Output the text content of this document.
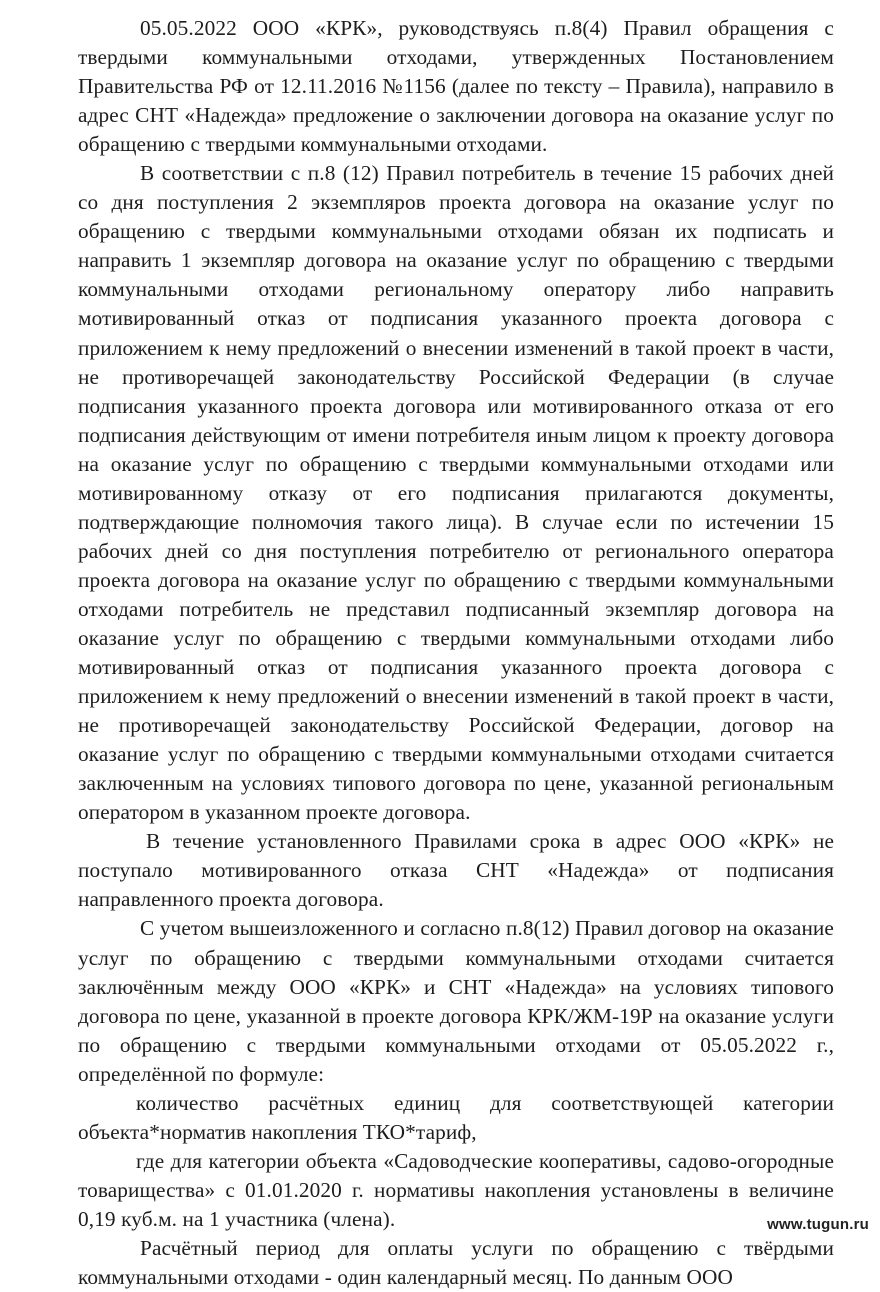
05.05.2022 ООО «КРК», руководствуясь п.8(4) Правил обращения с твердыми коммунальными отходами, утвержденных Постановлением Правительства РФ от 12.11.2016 №1156 (далее по тексту – Правила), направило в адрес СНТ «Надежда» предложение о заключении договора на оказание услуг по обращению с твердыми коммунальными отходами.

В соответствии с п.8 (12) Правил потребитель в течение 15 рабочих дней со дня поступления 2 экземпляров проекта договора на оказание услуг по обращению с твердыми коммунальными отходами обязан их подписать и направить 1 экземпляр договора на оказание услуг по обращению с твердыми коммунальными отходами региональному оператору либо направить мотивированный отказ от подписания указанного проекта договора с приложением к нему предложений о внесении изменений в такой проект в части, не противоречащей законодательству Российской Федерации (в случае подписания указанного проекта договора или мотивированного отказа от его подписания действующим от имени потребителя иным лицом к проекту договора на оказание услуг по обращению с твердыми коммунальными отходами или мотивированному отказу от его подписания прилагаются документы, подтверждающие полномочия такого лица). В случае если по истечении 15 рабочих дней со дня поступления потребителю от регионального оператора проекта договора на оказание услуг по обращению с твердыми коммунальными отходами потребитель не представил подписанный экземпляр договора на оказание услуг по обращению с твердыми коммунальными отходами либо мотивированный отказ от подписания указанного проекта договора с приложением к нему предложений о внесении изменений в такой проект в части, не противоречащей законодательству Российской Федерации, договор на оказание услуг по обращению с твердыми коммунальными отходами считается заключенным на условиях типового договора по цене, указанной региональным оператором в указанном проекте договора.

В течение установленного Правилами срока в адрес ООО «КРК» не поступало мотивированного отказа СНТ «Надежда» от подписания направленного проекта договора.

С учетом вышеизложенного и согласно п.8(12) Правил договор на оказание услуг по обращению с твердыми коммунальными отходами считается заключённым между ООО «КРК» и СНТ «Надежда» на условиях типового договора по цене, указанной в проекте договора КРК/ЖМ-19Р на оказание услуги по обращению с твердыми коммунальными отходами от 05.05.2022 г., определённой по формуле:

количество расчётных единиц для соответствующей категории объекта*норматив накопления ТКО*тариф,

где для категории объекта «Садоводческие кооперативы, садово-огородные товарищества» с 01.01.2020 г. нормативы накопления установлены в величине 0,19 куб.м. на 1 участника (члена).

Расчётный период для оплаты услуги по обращению с твёрдыми коммунальными отходами - один календарный месяц. По данным ООО

www.tugun.ru
